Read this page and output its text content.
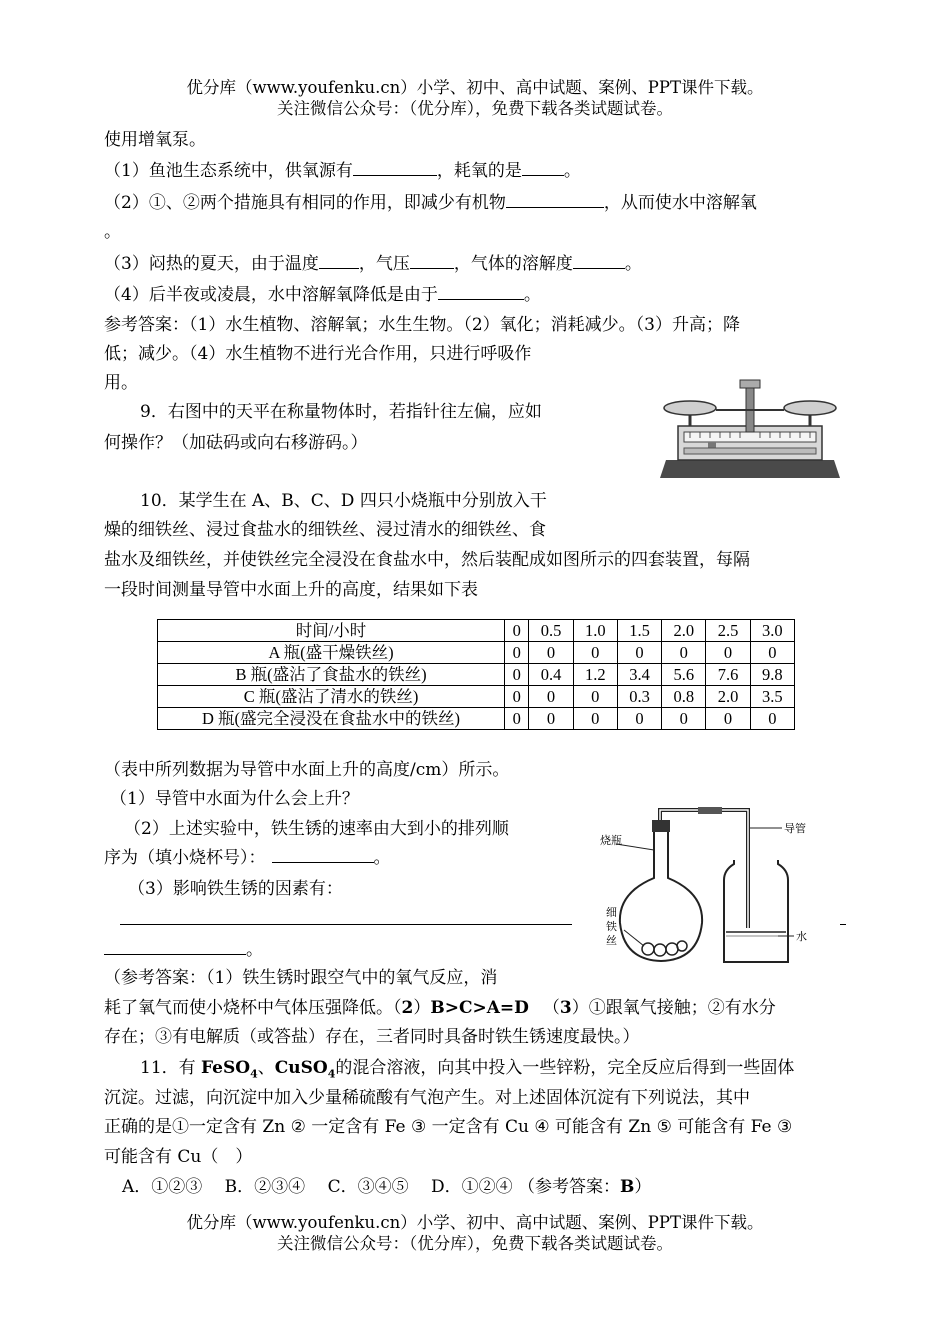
优分库（www.youfenku.cn）小学、初中、高中试题、案例、PPT课件下载。
关注微信公众号：（优分库），免费下载各类试题试卷。
使用增氧泵。
（1）鱼池生态系统中，供氧源有	，耗氧的是 。
（2）①、②两个措施具有相同的作用，即减少有机物	，从而使水中溶解氧
。
（3）闷热的夏天，由于温度 ，气压	，气体的溶解度	。
（4）后半夜或凌晨，水中溶解氧降低是由于	。
参考答案：（1）水生植物、溶解氧；水生生物。（2）氧化；消耗减少。（3）升高；降
低；减少。（4）水生植物不进行光合作用，只进行呼吸作
用。
9．右图中的天平在称量物体时，若指针往左偏，应如
何操作？（加砝码或向右移游码。）
10．某学生在 A、B、C、D 四只小烧瓶中分别放入干
燥的细铁丝、浸过食盐水的细铁丝、浸过清水的细铁丝、食
盐水及细铁丝，并使铁丝完全浸没在食盐水中，然后装配成如图所示的四套装置，每隔
一段时间测量导管中水面上升的高度，结果如下表
时间/小时	0	0.5	1.0	1.5	2.0	2.5	3.0
A 瓶(盛干燥铁丝)	0	0	0	0	0	0	0
B 瓶(盛沾了食盐水的铁丝)	0	0.4	1.2	3.4	5.6	7.6	9.8
C 瓶(盛沾了清水的铁丝)	0	0	0	0.3	0.8	2.0	3.5
D 瓶(盛完全浸没在食盐水中的铁丝)	0	0	0	0	0	0	0
（表中所列数据为导管中水面上升的高度/cm）所示。
（1）导管中水面为什么会上升？
（2）上述实验中，铁生锈的速率由大到小的排列顺
序为（填小烧杯号）：	。
（3）影响铁生锈的因素有：
。
（参考答案：（1）铁生锈时跟空气中的氧气反应，消
耗了氧气而使小烧杯中气体压强降低。（2）B>C>A=D （3）①跟氧气接触；②有水分
存在；③有电解质（或答盐）存在，三者同时具备时铁生锈速度最快。）
烧瓶
导管
水
细 铁 丝
11．有 FeSO$_4$、CuSO$_4$的混合溶液，向其中投入一些锌粉，完全反应后得到一些固体
沉淀。过滤，向沉淀中加入少量稀硫酸有气泡产生。对上述固体沉淀有下列说法，其中
正确的是①一定含有 Zn ② 一定含有 Fe ③ 一定含有 Cu ④ 可能含有 Zn ⑤ 可能含有 Fe ③
可能含有 Cu（　）
A．①②③　 B．②③④　 C．③④⑤　 D．①②④ （参考答案：B）
优分库（www.youfenku.cn）小学、初中、高中试题、案例、PPT课件下载。
关注微信公众号：（优分库），免费下载各类试题试卷。
